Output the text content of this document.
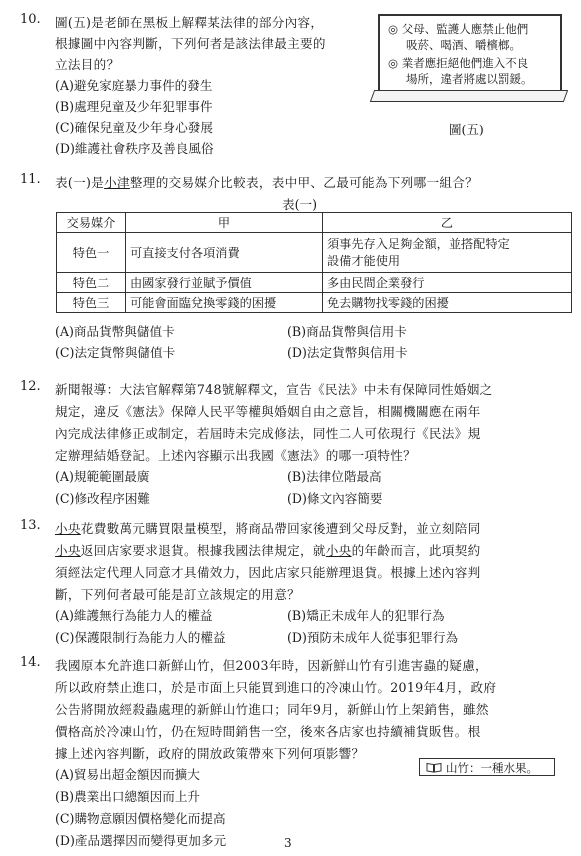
10. 圖(五)是老師在黑板上解釋某法律的部分內容，
根據圖中內容判斷，下列何者是該法律最主要的
立法目的？
(A)避免家庭暴力事件的發生
(B)處理兒童及少年犯罪事件
(C)確保兒童及少年身心發展
(D)維護社會秩序及善良風俗
◎ 父母、監護人應禁止他們
吸菸、喝酒、嚼檳榔。
◎ 業者應拒絕他們進入不良
場所，違者將處以罰鍰。
圖(五)
11. 表(一)是小津整理的交易媒介比較表，表中甲、乙最可能為下列哪一組合？
表(一)
交易媒介	甲	乙
特色一	可直接支付各項消費	須事先存入足夠金額，並搭配特定
設備才能使用

特色二	由國家發行並賦予價值	多由民間企業發行
特色三	可能會面臨兌換零錢的困擾	免去購物找零錢的困擾
(A)商品貨幣與儲值卡	(B)商品貨幣與信用卡
(C)法定貨幣與儲值卡	(D)法定貨幣與信用卡
12. 新聞報導：大法官解釋第748號解釋文，宣告《民法》中未有保障同性婚姻之
規定，違反《憲法》保障人民平等權與婚姻自由之意旨，相關機關應在兩年
內完成法律修正或制定，若屆時未完成修法，同性二人可依現行《民法》規
定辦理結婚登記。上述內容顯示出我國《憲法》的哪一項特性？
(A)規範範圍最廣	(B)法律位階最高
(C)修改程序困難	(D)條文內容簡要
13. 小央花費數萬元購買限量模型，將商品帶回家後遭到父母反對，並立刻陪同
小央返回店家要求退貨。根據我國法律規定，就小央的年齡而言，此項契約
須經法定代理人同意才具備效力，因此店家只能辦理退貨。根據上述內容判
斷，下列何者最可能是訂立該規定的用意？
(A)維護無行為能力人的權益	(B)矯正未成年人的犯罪行為
(C)保護限制行為能力人的權益	(D)預防未成年人從事犯罪行為
14. 我國原本允許進口新鮮山竹，但2003年時，因新鮮山竹有引進害蟲的疑慮，
所以政府禁止進口，於是市面上只能買到進口的冷凍山竹。2019年4月，政府
公告將開放經殺蟲處理的新鮮山竹進口；同年9月，新鮮山竹上架銷售，雖然
價格高於冷凍山竹，仍在短時間銷售一空，後來各店家也持續補貨販售。根
據上述內容判斷，政府的開放政策帶來下列何項影響？
(A)貿易出超金額因而擴大
(B)農業出口總額因而上升
(C)購物意願因價格變化而提高
(D)產品選擇因而變得更加多元
山竹：一種水果。
3
